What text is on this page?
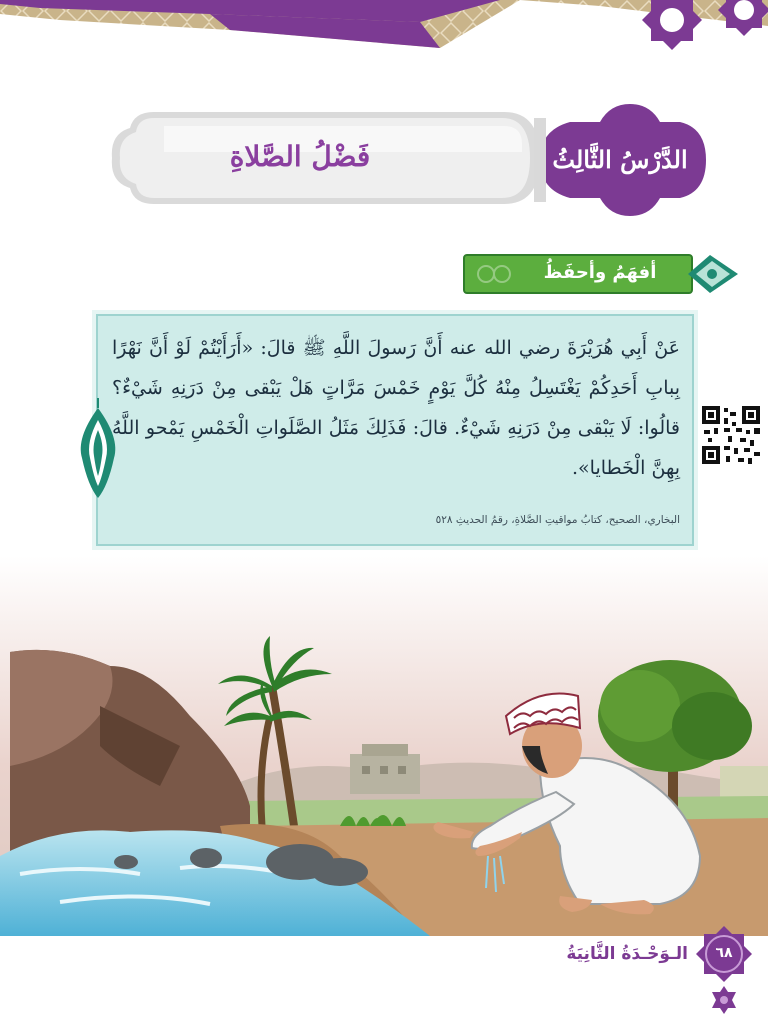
فَضْلُ الصَّلاةِ	الدَّرْسُ الثَّالِثُ
أفهَمُ وأحفَظُ
عَنْ أَبِي هُرَيْرَةَ رضي الله عنه أَنَّ رَسولَ اللَّهِ ﷺ قالَ: «أَرَأَيْتُمْ لَوْ أَنَّ نَهْرًا بِبابِ أَحَدِكُمْ يَغْتَسِلُ مِنْهُ كُلَّ يَوْمٍ خَمْسَ مَرَّاتٍ هَلْ يَبْقى مِنْ دَرَنِهِ شَيْءٌ؟ قالُوا: لَا يَبْقى مِنْ دَرَنِهِ شَيْءٌ. قالَ: فَذَلِكَ مَثَلُ الصَّلَواتِ الْخَمْسِ يَمْحو اللَّهُ بِهِنَّ الْخَطايا».
البخاري، الصحيح، كتابُ مواقيتِ الصَّلاةِ، رقمُ الحديثِ ٥٢٨
الـوَحْـدَةُ الثَّانِيَةُ	٦٨
